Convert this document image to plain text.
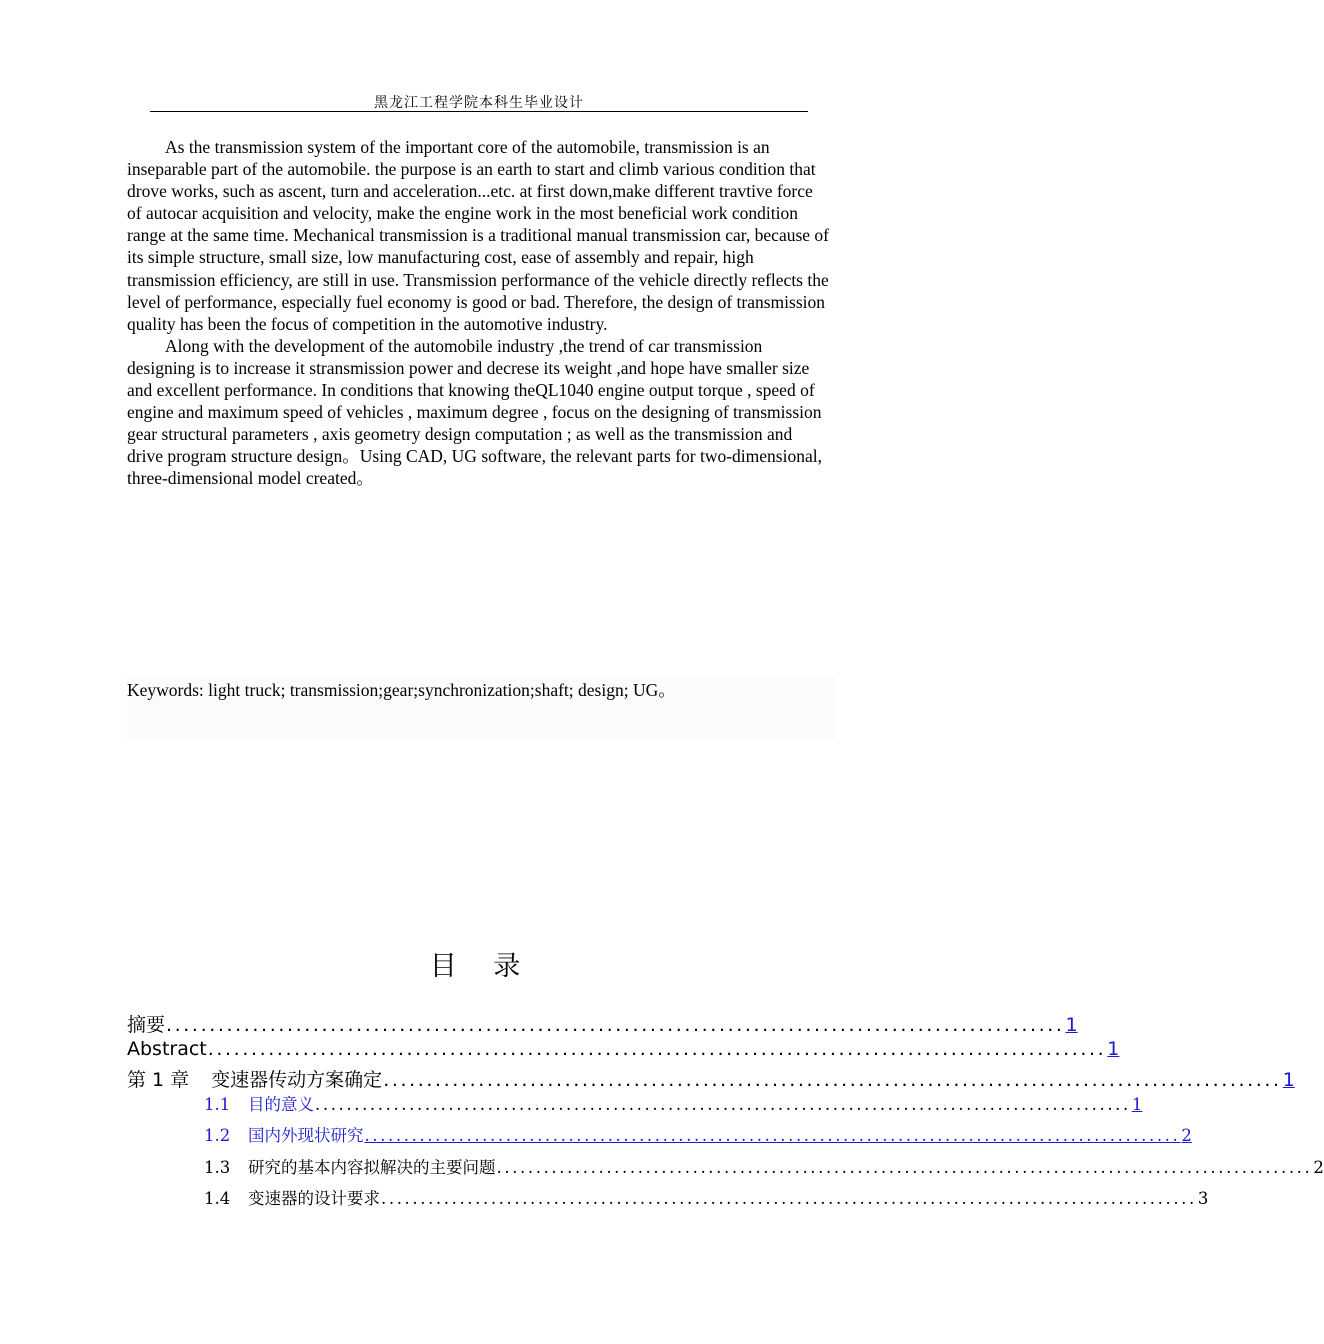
黑龙江工程学院本科生毕业设计

As the transmission system of the important core of the automobile, transmission is an inseparable part of the automobile. the purpose is an earth to start and climb various condition that drove works, such as ascent, turn and acceleration...etc. at first down,make different travtive force of autocar acquisition and velocity, make the engine work in the most beneficial work condition range at the same time. Mechanical transmission is a traditional manual transmission car, because of its simple structure, small size, low manufacturing cost, ease of assembly and repair, high transmission efficiency, are still in use. Transmission performance of the vehicle directly reflects the level of performance, especially fuel economy is good or bad. Therefore, the design of transmission quality has been the focus of competition in the automotive industry.

Along with the development of the automobile industry ,the trend of car transmission designing is to increase it stransmission power and decrese its weight ,and hope have smaller size and excellent performance. In conditions that knowing theQL1040 engine output torque , speed of engine and maximum speed of vehicles , maximum degree , focus on the designing of transmission gear structural parameters , axis geometry design computation ; as well as the transmission and drive program structure design。Using CAD, UG software, the relevant parts for two-dimensional, three-dimensional model created。

Keywords: light truck; transmission;gear;synchronization;shaft; design; UG。
目 录
摘要 ........................................................................................................ 1
Abstract ........................................................................................................ 1
第 1 章 变速器传动方案确定 ........................................................................................................ 1
1.1 目的意义 ........................................................................................................ 1
1.2 国内外现状研究 ........................................................................................................ 2
1.3 研究的基本内容拟解决的主要问题 ........................................................................................................ 2
1.4 变速器的设计要求 ........................................................................................................ 3
